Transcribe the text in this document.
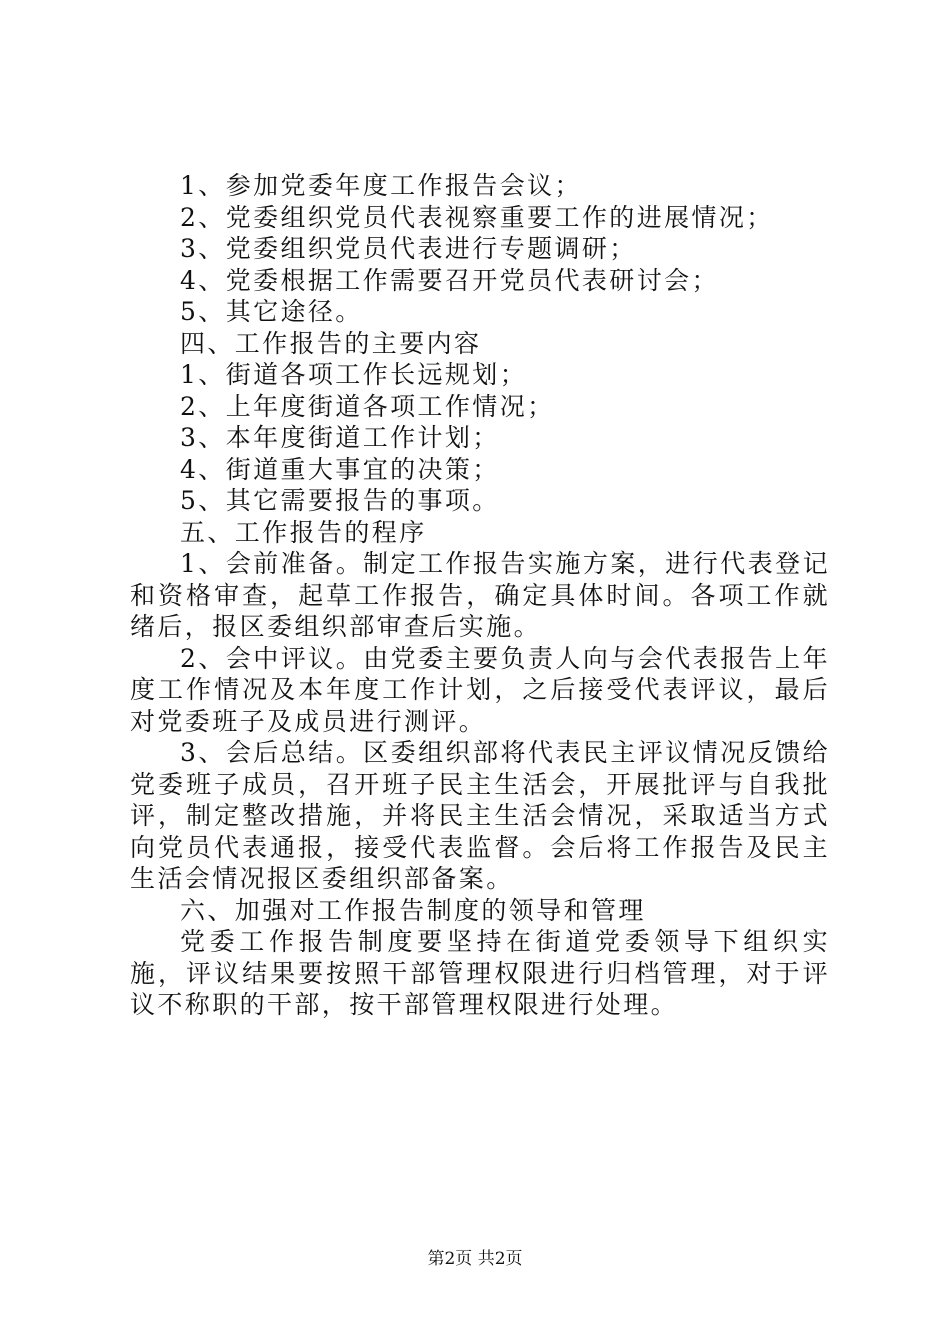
1、参加党委年度工作报告会议；

2、党委组织党员代表视察重要工作的进展情况；

3、党委组织党员代表进行专题调研；

4、党委根据工作需要召开党员代表研讨会；

5、其它途径。

四、工作报告的主要内容

1、街道各项工作长远规划；

2、上年度街道各项工作情况；

3、本年度街道工作计划；

4、街道重大事宜的决策；

5、其它需要报告的事项。

五、工作报告的程序

1、会前准备。制定工作报告实施方案，进行代表登记和资格审查，起草工作报告，确定具体时间。各项工作就绪后，报区委组织部审查后实施。

2、会中评议。由党委主要负责人向与会代表报告上年度工作情况及本年度工作计划，之后接受代表评议，最后对党委班子及成员进行测评。

3、会后总结。区委组织部将代表民主评议情况反馈给党委班子成员，召开班子民主生活会，开展批评与自我批评，制定整改措施，并将民主生活会情况，采取适当方式向党员代表通报，接受代表监督。会后将工作报告及民主生活会情况报区委组织部备案。

六、加强对工作报告制度的领导和管理

党委工作报告制度要坚持在街道党委领导下组织实施，评议结果要按照干部管理权限进行归档管理，对于评议不称职的干部，按干部管理权限进行处理。

第2页 共2页
